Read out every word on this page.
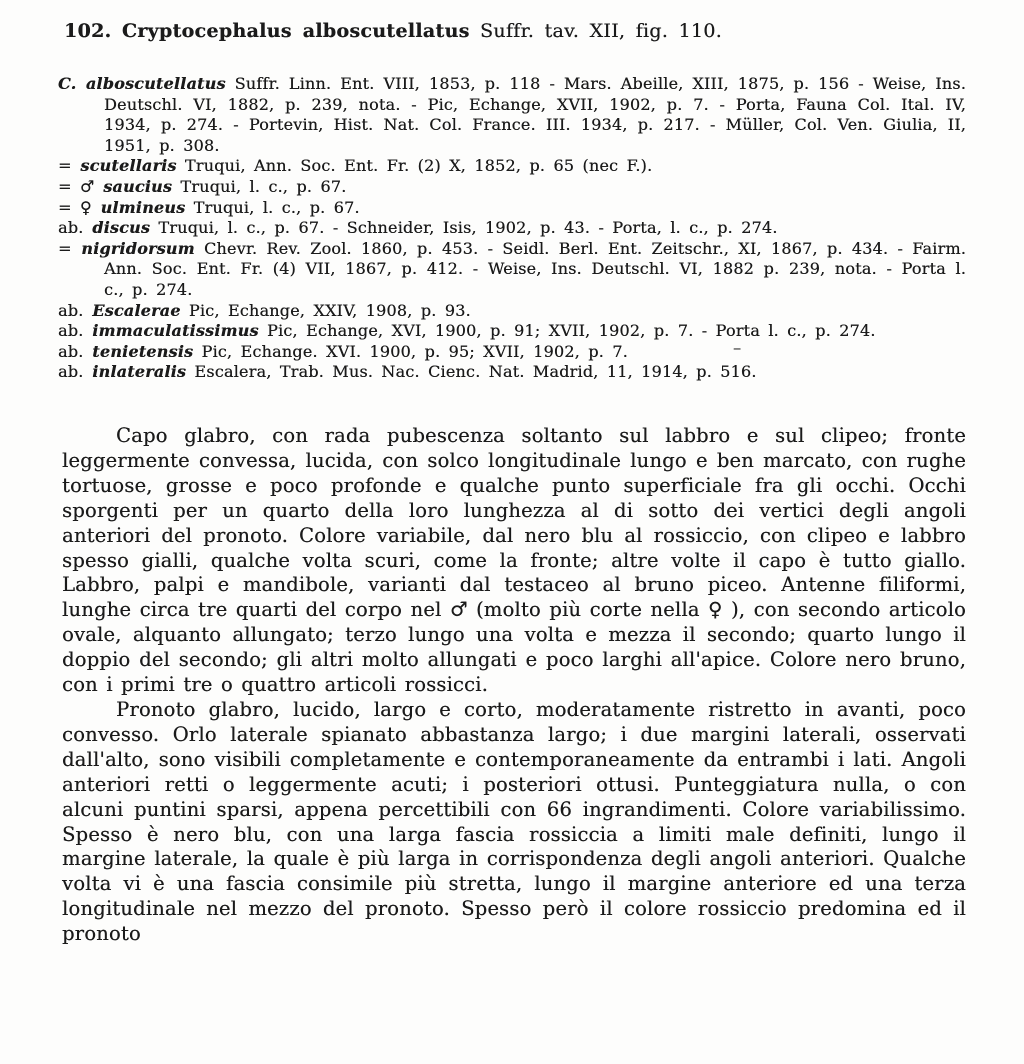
102. Cryptocephalus alboscutellatus Suffr. tav. XII, fig. 110.

C. alboscutellatus Suffr. Linn. Ent. VIII, 1853, p. 118 - Mars. Abeille, XIII, 1875, p. 156 - Weise, Ins. Deutschl. VI, 1882, p. 239, nota. - Pic, Echange, XVII, 1902, p. 7. - Porta, Fauna Col. Ital. IV, 1934, p. 274. - Portevin, Hist. Nat. Col. France. III. 1934, p. 217. - Müller, Col. Ven. Giulia, II, 1951, p. 308.

= scutellaris Truqui, Ann. Soc. Ent. Fr. (2) X, 1852, p. 65 (nec F.).

= ♂ saucius Truqui, l. c., p. 67.

= ♀ ulmineus Truqui, l. c., p. 67.

ab. discus Truqui, l. c., p. 67. - Schneider, Isis, 1902, p. 43. - Porta, l. c., p. 274.

= nigridorsum Chevr. Rev. Zool. 1860, p. 453. - Seidl. Berl. Ent. Zeitschr., XI, 1867, p. 434. - Fairm. Ann. Soc. Ent. Fr. (4) VII, 1867, p. 412. - Weise, Ins. Deutschl. VI, 1882 p. 239, nota. - Porta l. c., p. 274.

ab. Escalerae Pic, Echange, XXIV, 1908, p. 93.

ab. immaculatissimus Pic, Echange, XVI, 1900, p. 91; XVII, 1902, p. 7. - Porta l. c., p. 274.

ab. tenietensis Pic, Echange. XVI. 1900, p. 95; XVII, 1902, p. 7.

ab. inlateralis Escalera, Trab. Mus. Nac. Cienc. Nat. Madrid, 11, 1914, p. 516.

Capo glabro, con rada pubescenza soltanto sul labbro e sul clipeo; fronte leggermente convessa, lucida, con solco longitudinale lungo e ben marcato, con rughe tortuose, grosse e poco profonde e qualche punto superficiale fra gli occhi. Occhi sporgenti per un quarto della loro lunghezza al di sotto dei vertici degli angoli anteriori del pronoto. Colore variabile, dal nero blu al rossiccio, con clipeo e labbro spesso gialli, qualche volta scuri, come la fronte; altre volte il capo è tutto giallo. Labbro, palpi e mandibole, varianti dal testaceo al bruno piceo. Antenne filiformi, lunghe circa tre quarti del corpo nel ♂ (molto più corte nella ♀ ), con secondo articolo ovale, alquanto allungato; terzo lungo una volta e mezza il secondo; quarto lungo il doppio del secondo; gli altri molto allungati e poco larghi all'apice. Colore nero bruno, con i primi tre o quattro articoli rossicci.

Pronoto glabro, lucido, largo e corto, moderatamente ristretto in avanti, poco convesso. Orlo laterale spianato abbastanza largo; i due margini laterali, osservati dall'alto, sono visibili completamente e contemporaneamente da entrambi i lati. Angoli anteriori retti o leggermente acuti; i posteriori ottusi. Punteggiatura nulla, o con alcuni puntini sparsi, appena percettibili con 66 ingrandimenti. Colore variabilissimo. Spesso è nero blu, con una larga fascia rossiccia a limiti male definiti, lungo il margine laterale, la quale è più larga in corrispondenza degli angoli anteriori. Qualche volta vi è una fascia consimile più stretta, lungo il margine anteriore ed una terza longitudinale nel mezzo del pronoto. Spesso però il colore rossiccio predomina ed il pronoto

–
